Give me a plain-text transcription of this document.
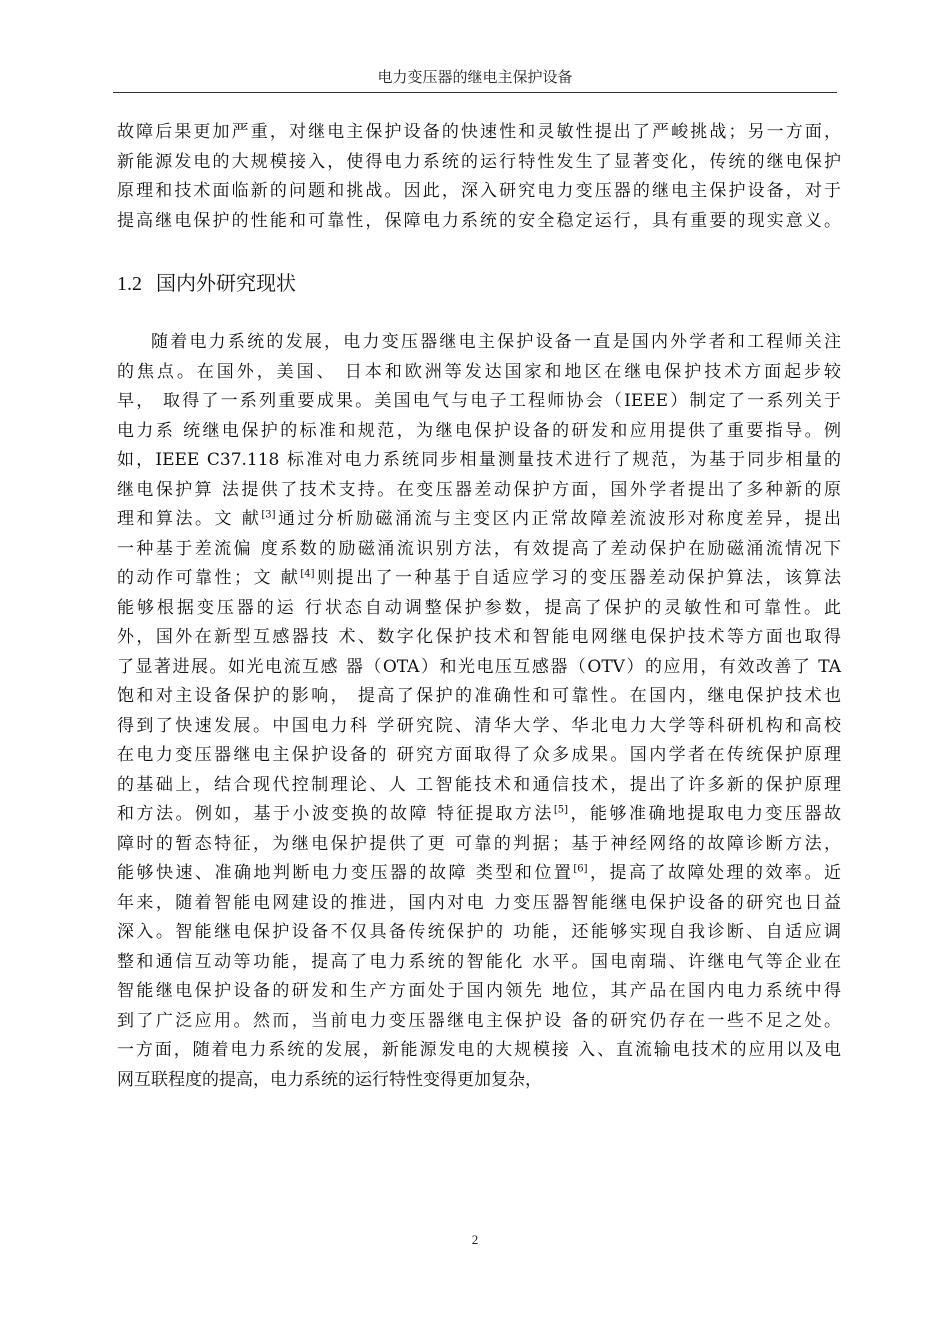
电力变压器的继电主保护设备
故障后果更加严重，对继电主保护设备的快速性和灵敏性提出了严峻挑战；另一方面，
新能源发电的大规模接入，使得电力系统的运行特性发生了显著变化，传统的继电保护
原理和技术面临新的问题和挑战。因此，深入研究电力变压器的继电主保护设备，对于
提高继电保护的性能和可靠性，保障电力系统的安全稳定运行，具有重要的现实意义。
1.2 国内外研究现状
随着电力系统的发展，电力变压器继电主保护设备一直是国内外学者和工程师关注
的焦点。在国外，美国、 日本和欧洲等发达国家和地区在继电保护技术方面起步较
早， 取得了一系列重要成果。美国电气与电子工程师协会（IEEE）制定了一系列关于
电力系 统继电保护的标准和规范，为继电保护设备的研发和应用提供了重要指导。例
如，IEEE C37.118 标准对电力系统同步相量测量技术进行了规范，为基于同步相量的
继电保护算 法提供了技术支持。在变压器差动保护方面，国外学者提出了多种新的原
理和算法。文 献[3]通过分析励磁涌流与主变区内正常故障差流波形对称度差异，提出
一种基于差流偏 度系数的励磁涌流识别方法，有效提高了差动保护在励磁涌流情况下
的动作可靠性；文 献[4]则提出了一种基于自适应学习的变压器差动保护算法，该算法
能够根据变压器的运 行状态自动调整保护参数，提高了保护的灵敏性和可靠性。此
外，国外在新型互感器技 术、数字化保护技术和智能电网继电保护技术等方面也取得
了显著进展。如光电流互感 器（OTA）和光电压互感器（OTV）的应用，有效改善了 TA
饱和对主设备保护的影响， 提高了保护的准确性和可靠性。在国内，继电保护技术也
得到了快速发展。中国电力科 学研究院、清华大学、华北电力大学等科研机构和高校
在电力变压器继电主保护设备的 研究方面取得了众多成果。国内学者在传统保护原理
的基础上，结合现代控制理论、人 工智能技术和通信技术，提出了许多新的保护原理
和方法。例如，基于小波变换的故障 特征提取方法[5]，能够准确地提取电力变压器故
障时的暂态特征，为继电保护提供了更 可靠的判据；基于神经网络的故障诊断方法，
能够快速、准确地判断电力变压器的故障 类型和位置[6]，提高了故障处理的效率。近
年来，随着智能电网建设的推进，国内对电 力变压器智能继电保护设备的研究也日益
深入。智能继电保护设备不仅具备传统保护的 功能，还能够实现自我诊断、自适应调
整和通信互动等功能，提高了电力系统的智能化 水平。国电南瑞、许继电气等企业在
智能继电保护设备的研发和生产方面处于国内领先 地位，其产品在国内电力系统中得
到了广泛应用。然而，当前电力变压器继电主保护设 备的研究仍存在一些不足之处。
一方面，随着电力系统的发展，新能源发电的大规模接 入、直流输电技术的应用以及电
网互联程度的提高，电力系统的运行特性变得更加复杂，
2
